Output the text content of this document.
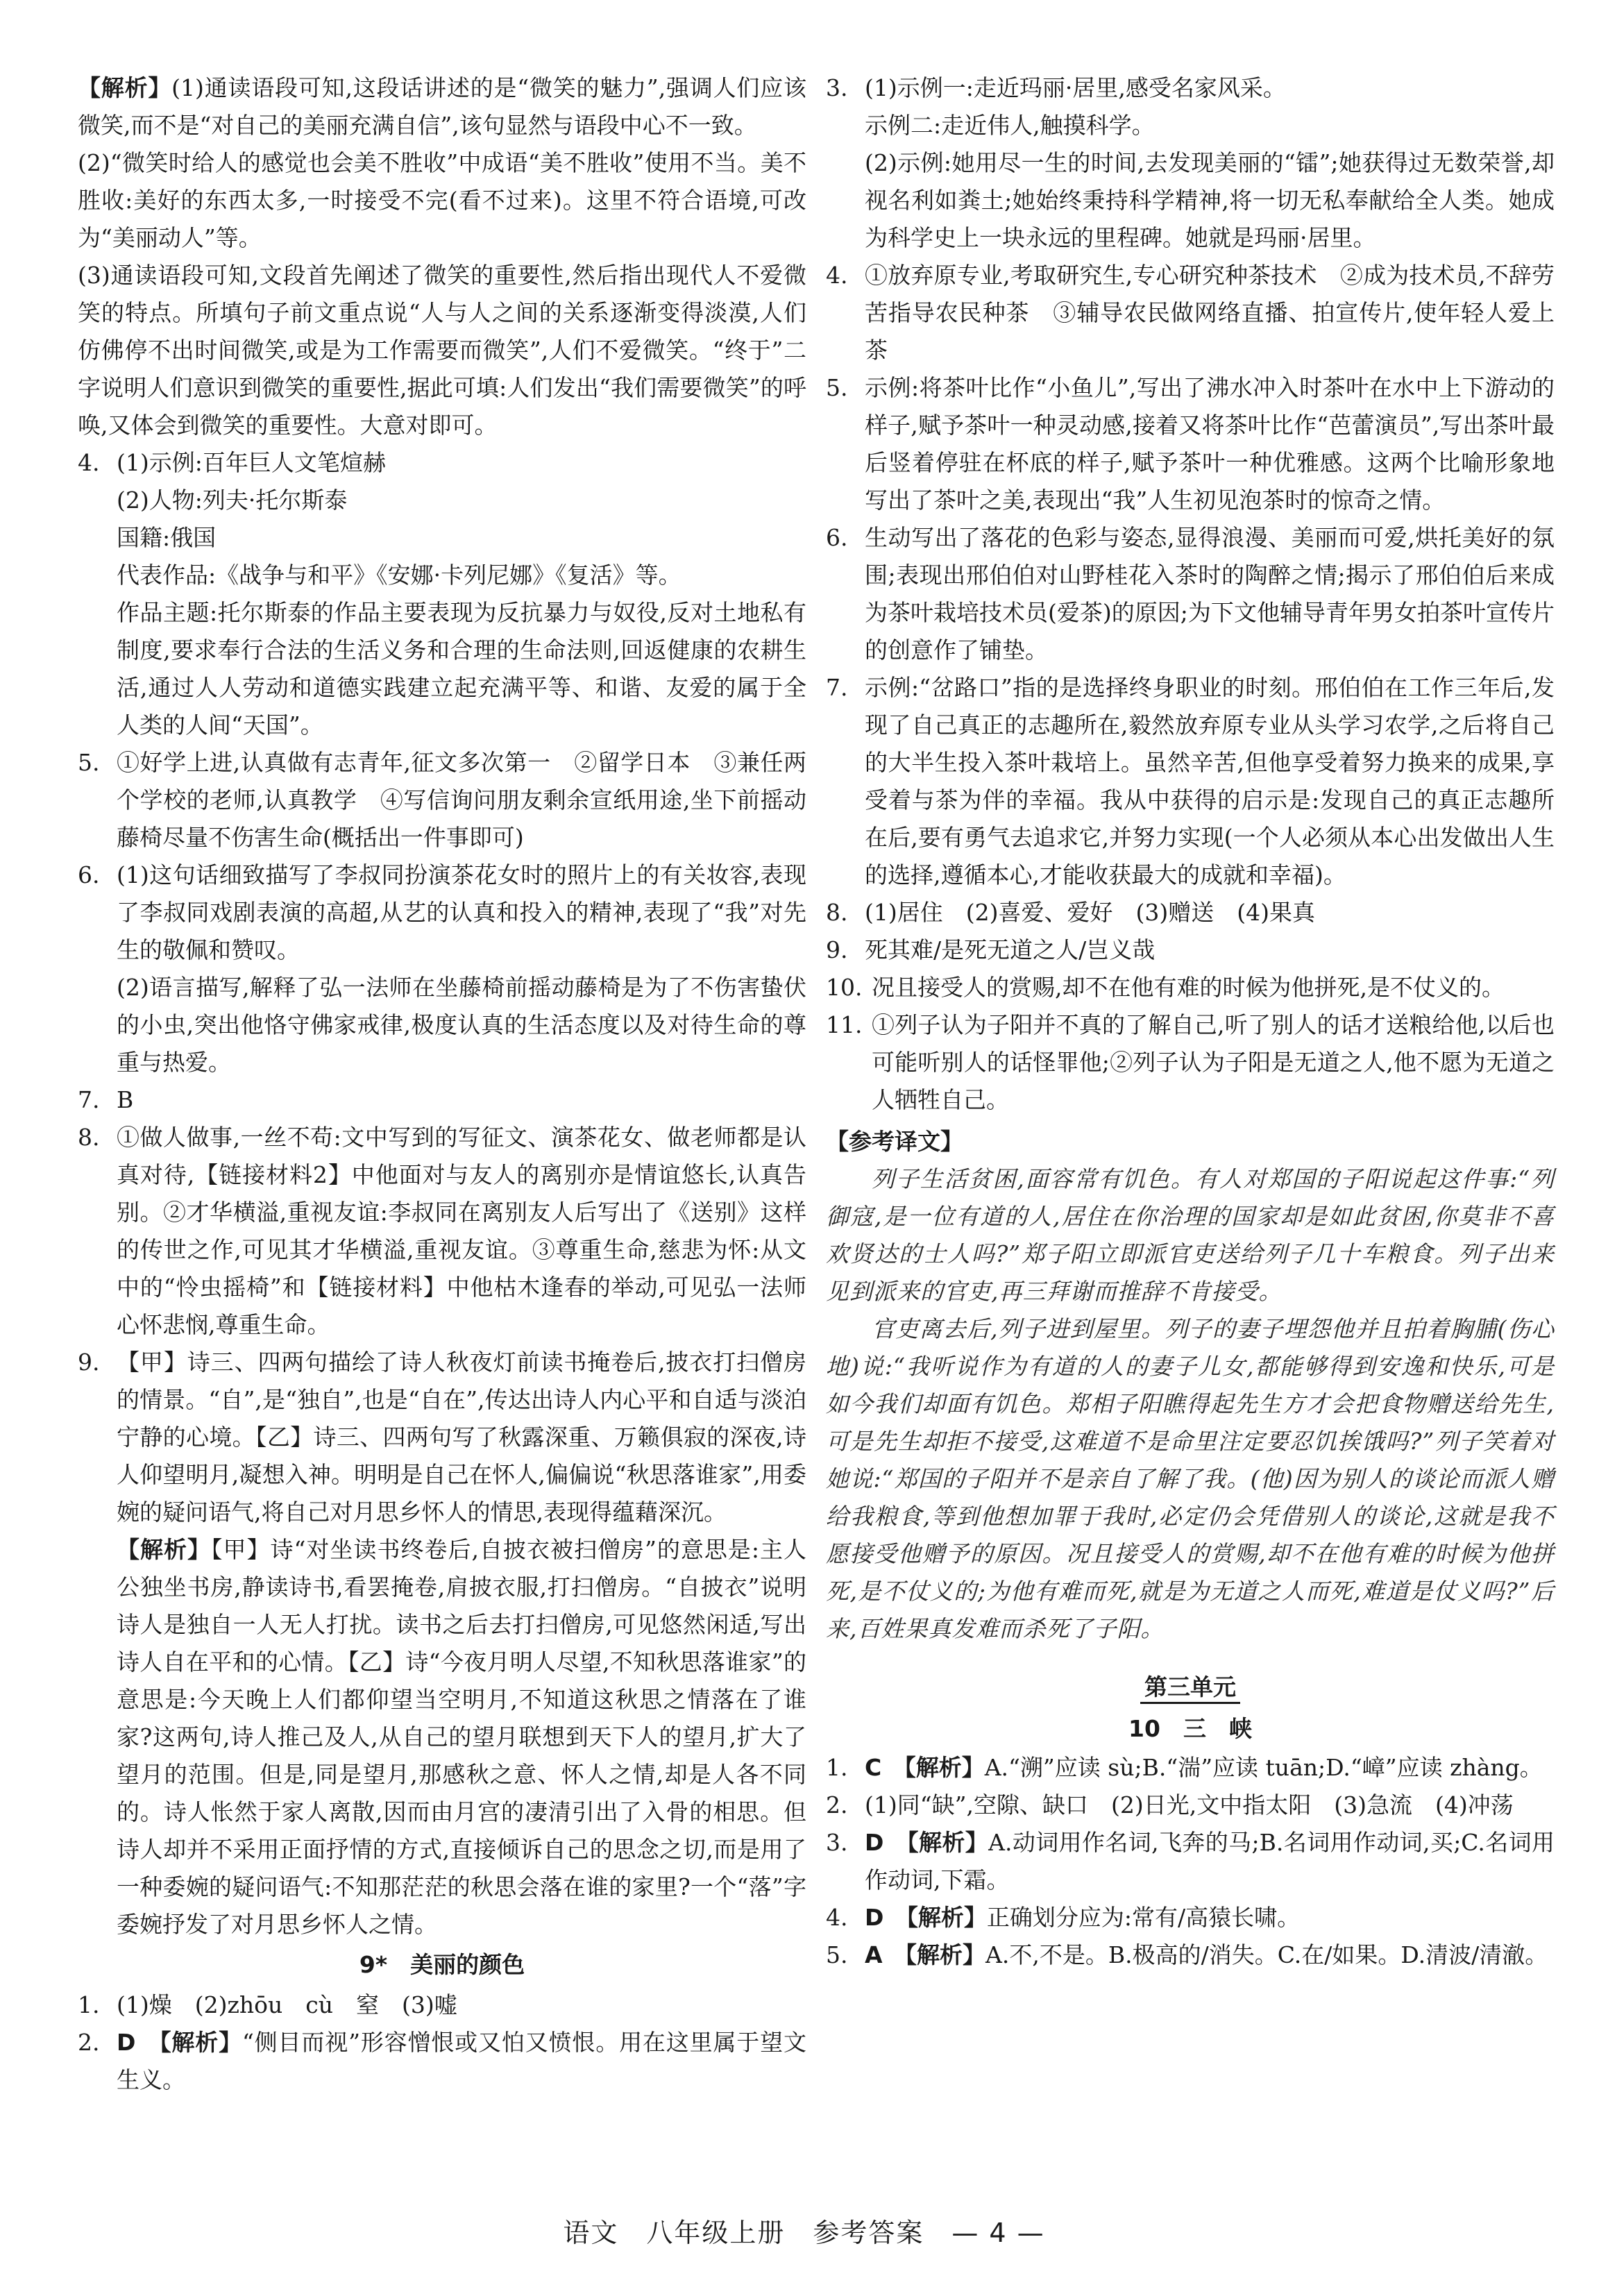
【解析】(1)通读语段可知,这段话讲述的是“微笑的魅力”,强调人们应该微笑,而不是“对自己的美丽充满自信”,该句显然与语段中心不一致。
(2)“微笑时给人的感觉也会美不胜收”中成语“美不胜收”使用不当。美不胜收:美好的东西太多,一时接受不完(看不过来)。这里不符合语境,可改为“美丽动人”等。
(3)通读语段可知,文段首先阐述了微笑的重要性,然后指出现代人不爱微笑的特点。所填句子前文重点说“人与人之间的关系逐渐变得淡漠,人们仿佛停不出时间微笑,或是为工作需要而微笑”,人们不爱微笑。“终于”二字说明人们意识到微笑的重要性,据此可填:人们发出“我们需要微笑”的呼唤,又体会到微笑的重要性。大意对即可。
4. (1)示例:百年巨人文笔煊赫
(2)人物:列夫·托尔斯泰
国籍:俄国
代表作品:《战争与和平》《安娜·卡列尼娜》《复活》等。
作品主题:托尔斯泰的作品主要表现为反抗暴力与奴役,反对土地私有制度,要求奉行合法的生活义务和合理的生命法则,回返健康的农耕生活,通过人人劳动和道德实践建立起充满平等、和谐、友爱的属于全人类的人间“天国”。
5. ①好学上进,认真做有志青年,征文多次第一　②留学日本　③兼任两个学校的老师,认真教学　④写信询问朋友剩余宣纸用途,坐下前摇动藤椅尽量不伤害生命(概括出一件事即可)
6. (1)这句话细致描写了李叔同扮演茶花女时的照片上的有关妆容,表现了李叔同戏剧表演的高超,从艺的认真和投入的精神,表现了“我”对先生的敬佩和赞叹。
(2)语言描写,解释了弘一法师在坐藤椅前摇动藤椅是为了不伤害蛰伏的小虫,突出他恪守佛家戒律,极度认真的生活态度以及对待生命的尊重与热爱。
7. B
8. ①做人做事,一丝不苟:文中写到的写征文、演茶花女、做老师都是认真对待,【链接材料2】中他面对与友人的离别亦是情谊悠长,认真告别。②才华横溢,重视友谊:李叔同在离别友人后写出了《送别》这样的传世之作,可见其才华横溢,重视友谊。③尊重生命,慈悲为怀:从文中的“怜虫摇椅”和【链接材料】中他枯木逢春的举动,可见弘一法师心怀悲悯,尊重生命。
9. 【甲】诗三、四两句描绘了诗人秋夜灯前读书掩卷后,披衣打扫僧房的情景。“自”,是“独自”,也是“自在”,传达出诗人内心平和自适与淡泊宁静的心境。【乙】诗三、四两句写了秋露深重、万籁俱寂的深夜,诗人仰望明月,凝想入神。明明是自己在怀人,偏偏说“秋思落谁家”,用委婉的疑问语气,将自己对月思乡怀人的情思,表现得蕴藉深沉。
【解析】【甲】诗“对坐读书终卷后,自披衣被扫僧房”的意思是:主人公独坐书房,静读诗书,看罢掩卷,肩披衣服,打扫僧房。“自披衣”说明诗人是独自一人无人打扰。读书之后去打扫僧房,可见悠然闲适,写出诗人自在平和的心情。【乙】诗“今夜月明人尽望,不知秋思落谁家”的意思是:今天晚上人们都仰望当空明月,不知道这秋思之情落在了谁家?这两句,诗人推己及人,从自己的望月联想到天下人的望月,扩大了望月的范围。但是,同是望月,那感秋之意、怀人之情,却是人各不同的。诗人怅然于家人离散,因而由月宫的凄清引出了入骨的相思。但诗人却并不采用正面抒情的方式,直接倾诉自己的思念之切,而是用了一种委婉的疑问语气:不知那茫茫的秋思会落在谁的家里?一个“落”字委婉抒发了对月思乡怀人之情。
9*　美丽的颜色
1. (1)燥　(2)zhōu　cù　窒　(3)嘘
2. D　【解析】“侧目而视”形容憎恨或又怕又愤恨。用在这里属于望文生义。
3. (1)示例一:走近玛丽·居里,感受名家风采。
示例二:走近伟人,触摸科学。
(2)示例:她用尽一生的时间,去发现美丽的“镭”;她获得过无数荣誉,却视名利如粪土;她始终秉持科学精神,将一切无私奉献给全人类。她成为科学史上一块永远的里程碑。她就是玛丽·居里。
4. ①放弃原专业,考取研究生,专心研究种茶技术　②成为技术员,不辞劳苦指导农民种茶　③辅导农民做网络直播、拍宣传片,使年轻人爱上茶
5. 示例:将茶叶比作“小鱼儿”,写出了沸水冲入时茶叶在水中上下游动的样子,赋予茶叶一种灵动感,接着又将茶叶比作“芭蕾演员”,写出茶叶最后竖着停驻在杯底的样子,赋予茶叶一种优雅感。这两个比喻形象地写出了茶叶之美,表现出“我”人生初见泡茶时的惊奇之情。
6. 生动写出了落花的色彩与姿态,显得浪漫、美丽而可爱,烘托美好的氛围;表现出邢伯伯对山野桂花入茶时的陶醉之情;揭示了邢伯伯后来成为茶叶栽培技术员(爱茶)的原因;为下文他辅导青年男女拍茶叶宣传片的创意作了铺垫。
7. 示例:“岔路口”指的是选择终身职业的时刻。邢伯伯在工作三年后,发现了自己真正的志趣所在,毅然放弃原专业从头学习农学,之后将自己的大半生投入茶叶栽培上。虽然辛苦,但他享受着努力换来的成果,享受着与茶为伴的幸福。我从中获得的启示是:发现自己的真正志趣所在后,要有勇气去追求它,并努力实现(一个人必须从本心出发做出人生的选择,遵循本心,才能收获最大的成就和幸福)。
8. (1)居住　(2)喜爱、爱好　(3)赠送　(4)果真
9. 死其难/是死无道之人/岂义哉
10. 况且接受人的赏赐,却不在他有难的时候为他拼死,是不仗义的。
11. ①列子认为子阳并不真的了解自己,听了别人的话才送粮给他,以后也可能听别人的话怪罪他;②列子认为子阳是无道之人,他不愿为无道之人牺牲自己。
【参考译文】
列子生活贫困,面容常有饥色。有人对郑国的子阳说起这件事:“列御寇,是一位有道的人,居住在你治理的国家却是如此贫困,你莫非不喜欢贤达的士人吗?”郑子阳立即派官吏送给列子几十车粮食。列子出来见到派来的官吏,再三拜谢而推辞不肯接受。
官吏离去后,列子进到屋里。列子的妻子埋怨他并且拍着胸脯(伤心地)说:“我听说作为有道的人的妻子儿女,都能够得到安逸和快乐,可是如今我们却面有饥色。郑相子阳瞧得起先生方才会把食物赠送给先生,可是先生却拒不接受,这难道不是命里注定要忍饥挨饿吗?”列子笑着对她说:“郑国的子阳并不是亲自了解了我。(他)因为别人的谈论而派人赠给我粮食,等到他想加罪于我时,必定仍会凭借别人的谈论,这就是我不愿接受他赠予的原因。况且接受人的赏赐,却不在他有难的时候为他拼死,是不仗义的;为他有难而死,就是为无道之人而死,难道是仗义吗?”后来,百姓果真发难而杀死了子阳。
第三单元
10　三　峡
1. C　【解析】A.“溯”应读 sù;B.“湍”应读 tuān;D.“嶂”应读 zhàng。
2. (1)同“缺”,空隙、缺口　(2)日光,文中指太阳　(3)急流　(4)冲荡
3. D　【解析】A.动词用作名词,飞奔的马;B.名词用作动词,买;C.名词用作动词,下霜。
4. D　【解析】正确划分应为:常有/高猿长啸。
5. A　【解析】A.不,不是。B.极高的/消失。C.在/如果。D.清波/清澈。
语文　八年级上册　参考答案　— 4 —
